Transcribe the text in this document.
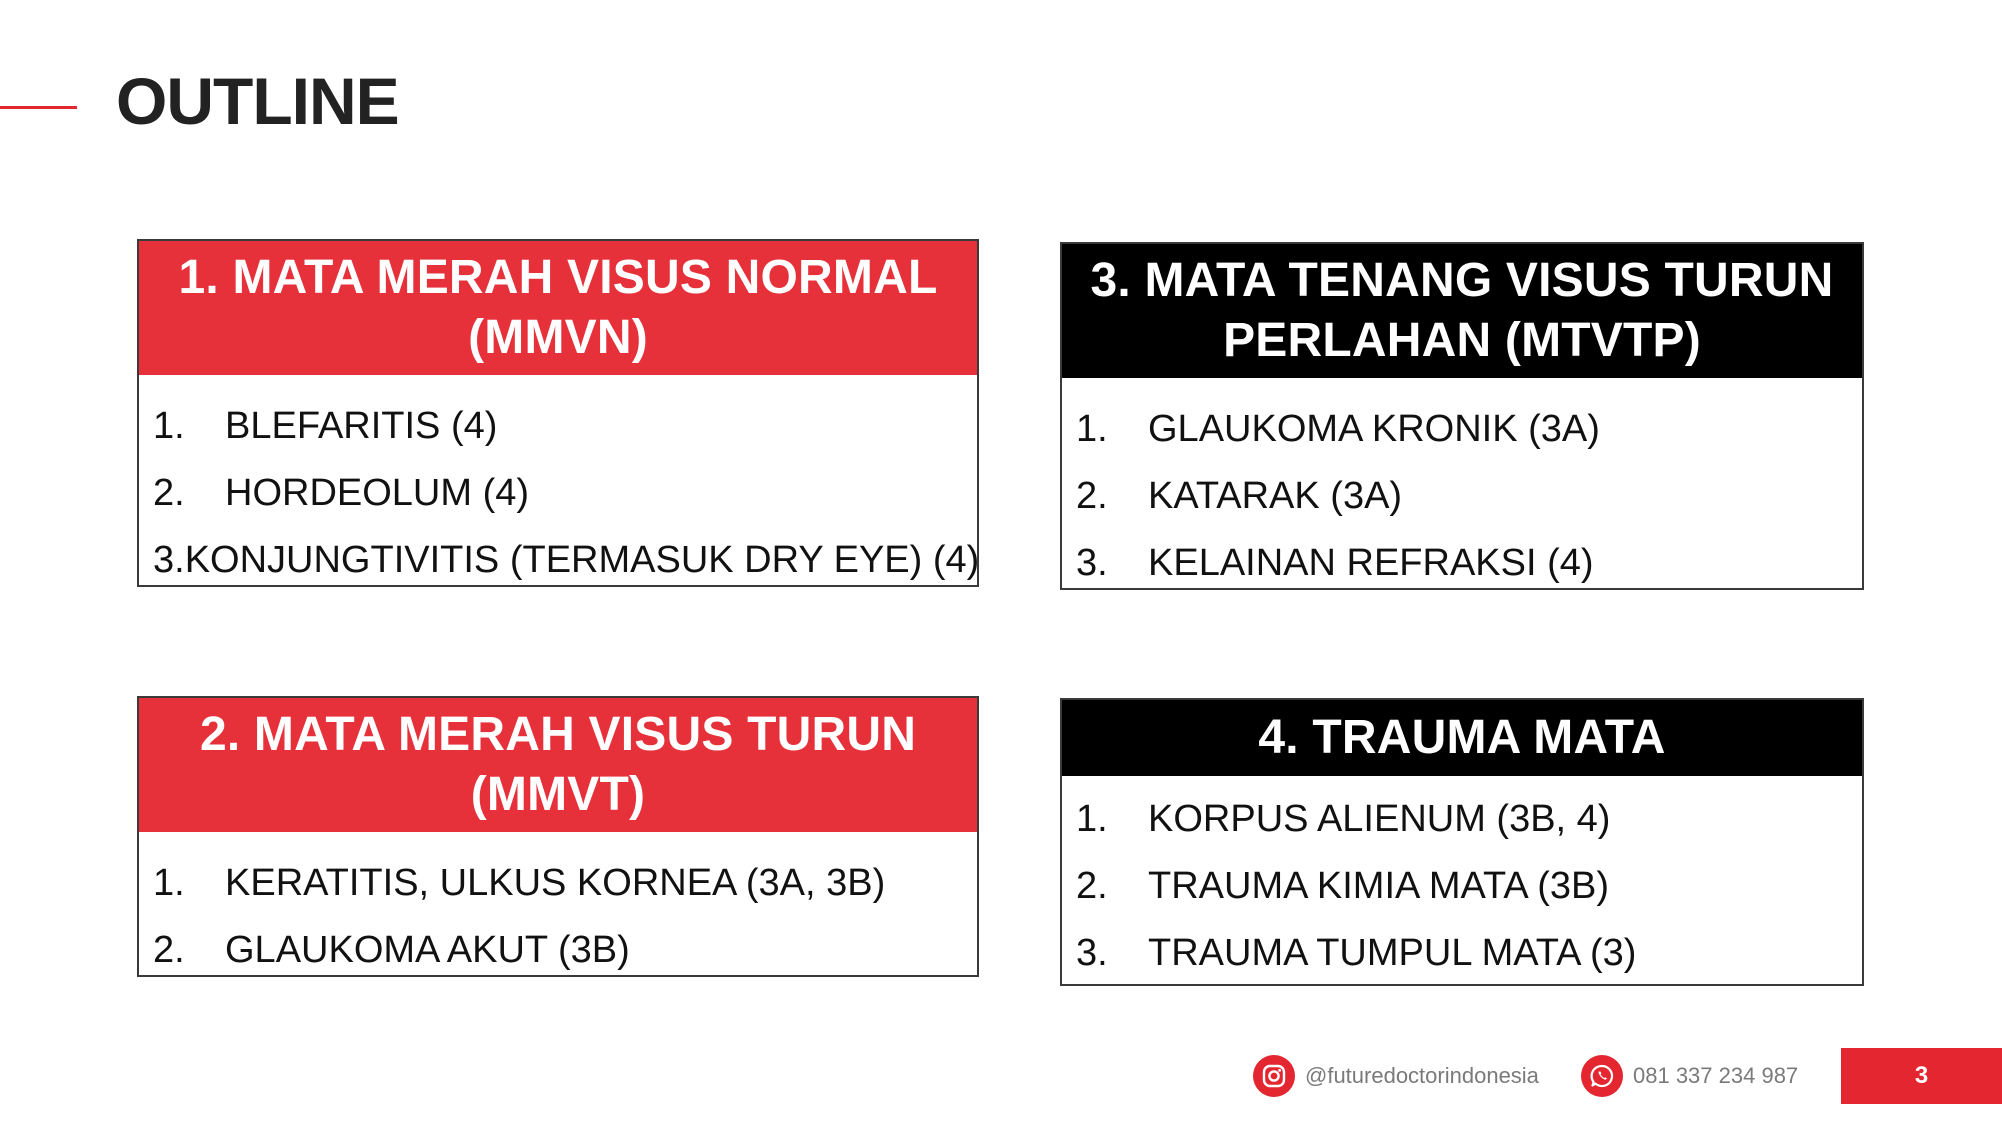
OUTLINE
1. MATA MERAH VISUS NORMAL (MMVN)
1.	BLEFARITIS (4)
2.	HORDEOLUM (4)
3. KONJUNGTIVITIS (TERMASUK DRY EYE) (4)
2. MATA MERAH VISUS TURUN (MMVT)
1.	KERATITIS, ULKUS KORNEA (3A, 3B)
2.	GLAUKOMA AKUT (3B)
3. MATA TENANG VISUS TURUN PERLAHAN (MTVTP)
1.	GLAUKOMA KRONIK (3A)
2.	KATARAK (3A)
3.	KELAINAN REFRAKSI (4)
4. TRAUMA MATA
1.	KORPUS ALIENUM (3B, 4)
2.	TRAUMA KIMIA MATA (3B)
3.	TRAUMA TUMPUL MATA (3)
@futuredoctorindonesia	081 337 234 987	3
